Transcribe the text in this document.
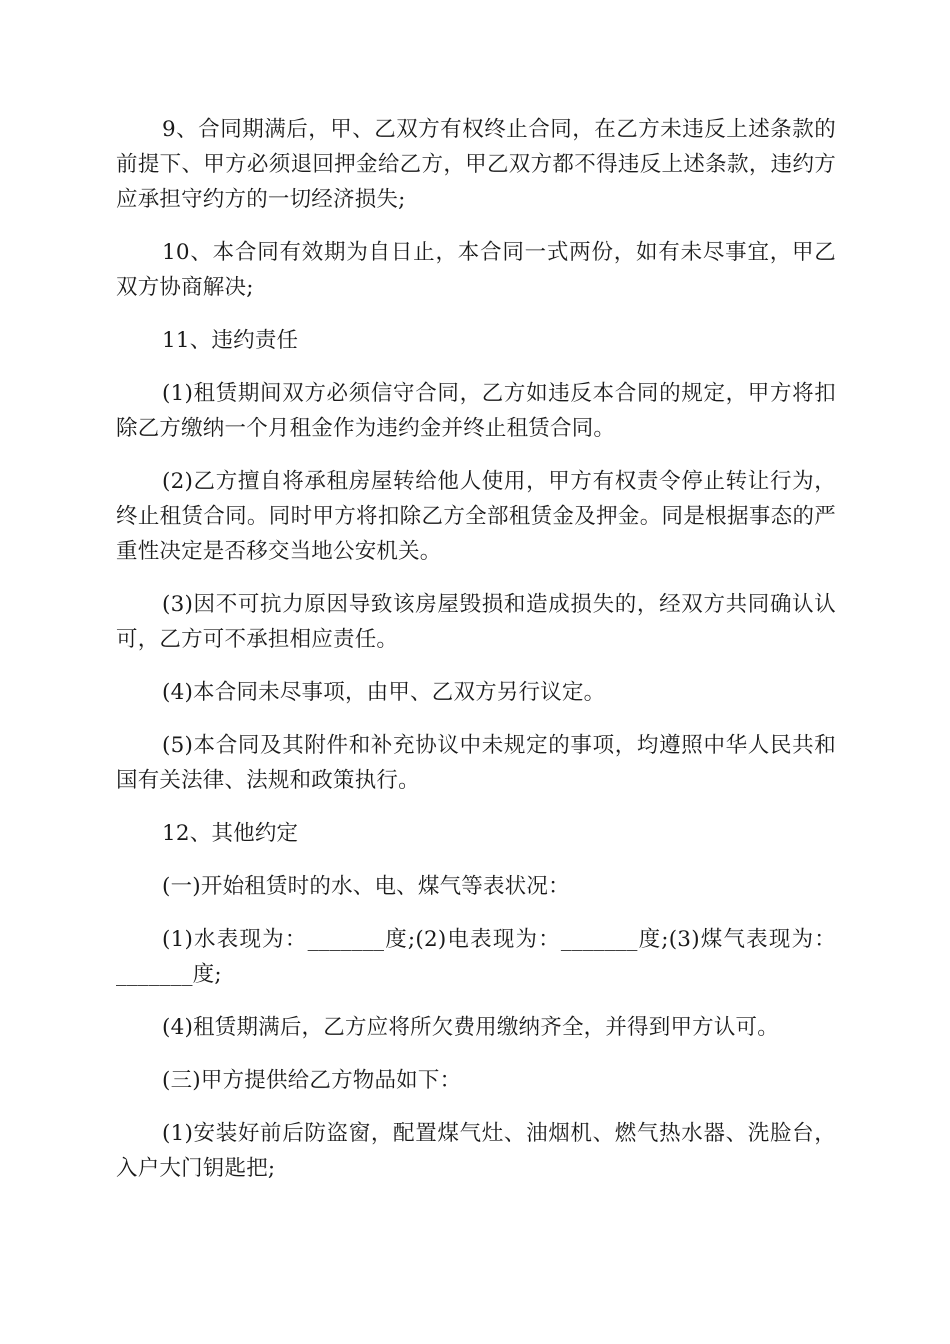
9、合同期满后，甲、乙双方有权终止合同，在乙方未违反上述条款的前提下、甲方必须退回押金给乙方，甲乙双方都不得违反上述条款，违约方应承担守约方的一切经济损失;

10、本合同有效期为自日止，本合同一式两份，如有未尽事宜，甲乙双方协商解决;

11、违约责任

(1)租赁期间双方必须信守合同，乙方如违反本合同的规定，甲方将扣除乙方缴纳一个月租金作为违约金并终止租赁合同。

(2)乙方擅自将承租房屋转给他人使用，甲方有权责令停止转让行为，终止租赁合同。同时甲方将扣除乙方全部租赁金及押金。同是根据事态的严重性决定是否移交当地公安机关。

(3)因不可抗力原因导致该房屋毁损和造成损失的，经双方共同确认认可，乙方可不承担相应责任。

(4)本合同未尽事项，由甲、乙双方另行议定。

(5)本合同及其附件和补充协议中未规定的事项，均遵照中华人民共和国有关法律、法规和政策执行。

12、其他约定

(一)开始租赁时的水、电、煤气等表状况：

(1)水表现为：_______度;(2)电表现为：_______度;(3)煤气表现为：_______度;

(4)租赁期满后，乙方应将所欠费用缴纳齐全，并得到甲方认可。

(三)甲方提供给乙方物品如下：

(1)安装好前后防盗窗，配置煤气灶、油烟机、燃气热水器、洗脸台，入户大门钥匙把;
